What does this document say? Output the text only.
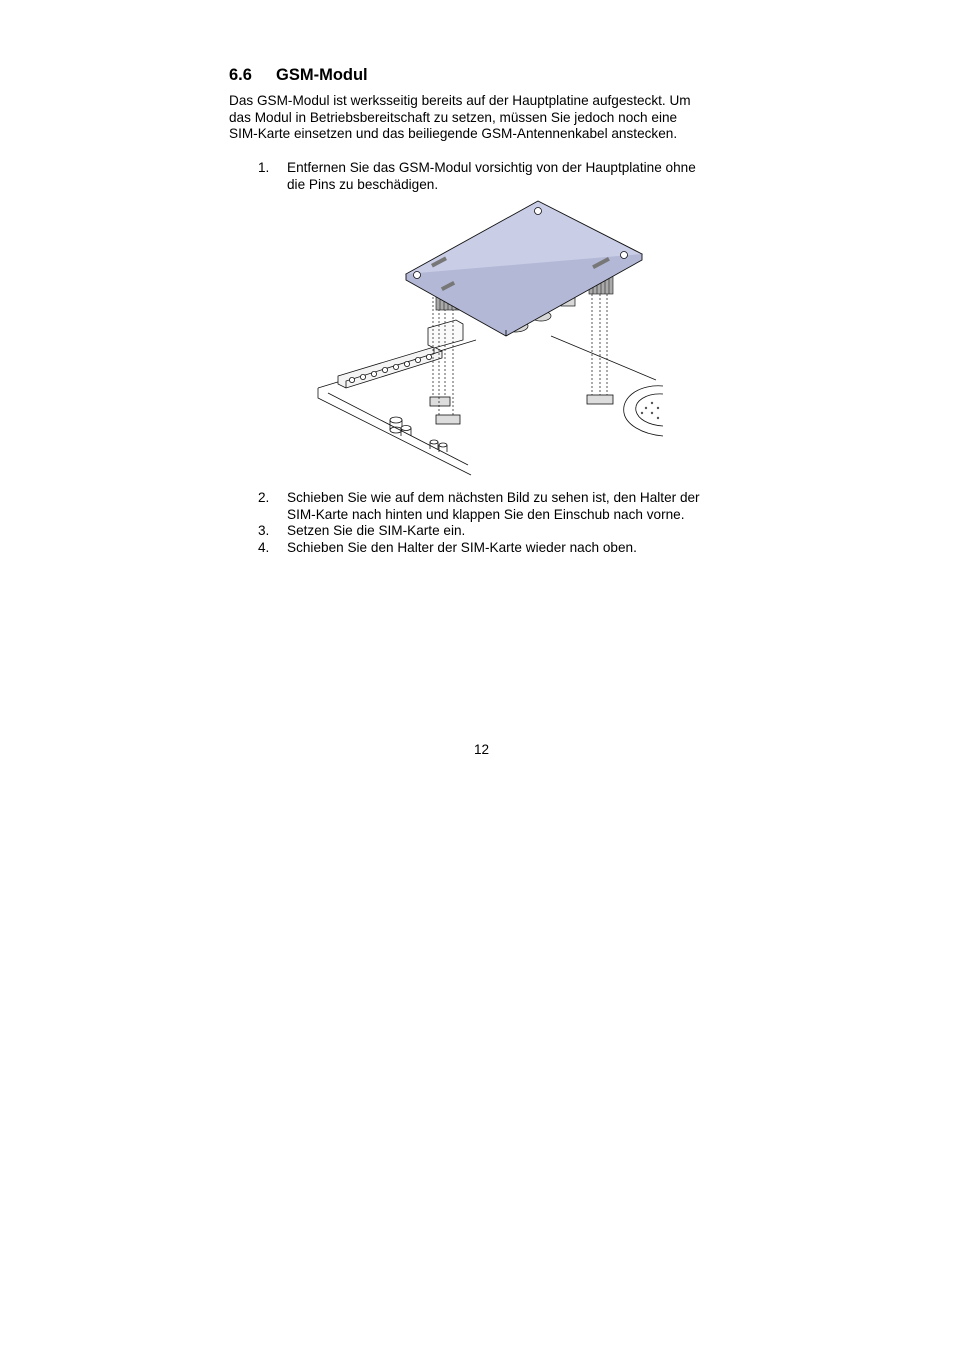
6.6 GSM-Modul
Das GSM-Modul ist werksseitig bereits auf der Hauptplatine aufgesteckt. Um
das Modul in Betriebsbereitschaft zu setzen, müssen Sie jedoch noch eine
SIM-Karte einsetzen und das beiliegende GSM-Antennenkabel anstecken.
1. Entfernen Sie das GSM-Modul vorsichtig von der Hauptplatine ohne
die Pins zu beschädigen.
2. Schieben Sie wie auf dem nächsten Bild zu sehen ist, den Halter der
SIM-Karte nach hinten und klappen Sie den Einschub nach vorne.
3. Setzen Sie die SIM-Karte ein.
4. Schieben Sie den Halter der SIM-Karte wieder nach oben.
12
